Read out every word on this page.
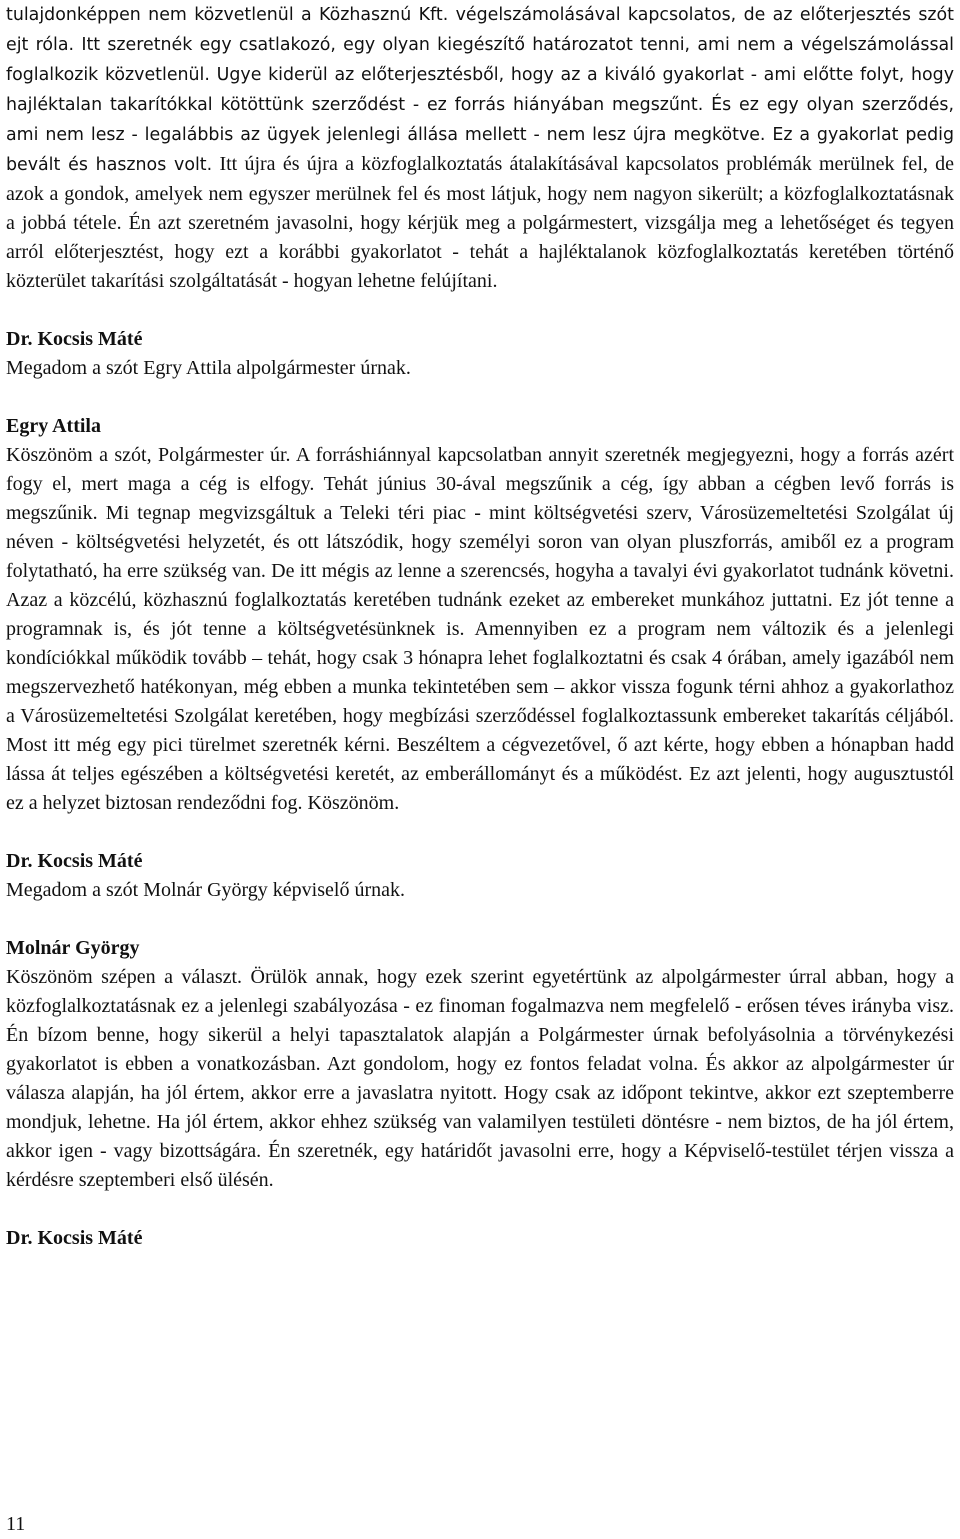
tulajdonképpen nem közvetlenül a Közhasznú Kft. végelszámolásával kapcsolatos, de az előterjesztés szót ejt róla. Itt szeretnék egy csatlakozó, egy olyan kiegészítő határozatot tenni, ami nem a végelszámolással foglalkozik közvetlenül. Ugye kiderül az előterjesztésből, hogy az a kiváló gyakorlat - ami előtte folyt, hogy hajléktalan takarítókkal kötöttünk szerződést - ez forrás hiányában megszűnt. És ez egy olyan szerződés, ami nem lesz - legalábbis az ügyek jelenlegi állása mellett - nem lesz újra megkötve. Ez a gyakorlat pedig bevált és hasznos volt. Itt újra és újra a közfoglalkoztatás átalakításával kapcsolatos problémák merülnek fel, de azok a gondok, amelyek nem egyszer merülnek fel és most látjuk, hogy nem nagyon sikerült; a közfoglalkoztatásnak a jobbá tétele. Én azt szeretném javasolni, hogy kérjük meg a polgármestert, vizsgálja meg a lehetőséget és tegyen arról előterjesztést, hogy ezt a korábbi gyakorlatot - tehát a hajléktalanok közfoglalkoztatás keretében történő közterület takarítási szolgáltatását - hogyan lehetne felújítani.

Dr. Kocsis Máté

Megadom a szót Egry Attila alpolgármester úrnak.

Egry Attila

Köszönöm a szót, Polgármester úr. A forráshiánnyal kapcsolatban annyit szeretnék megjegyezni, hogy a forrás azért fogy el, mert maga a cég is elfogy. Tehát június 30-ával megszűnik a cég, így abban a cégben levő forrás is megszűnik. Mi tegnap megvizsgáltuk a Teleki téri piac - mint költségvetési szerv, Városüzemeltetési Szolgálat új néven - költségvetési helyzetét, és ott látszódik, hogy személyi soron van olyan pluszforrás, amiből ez a program folytatható, ha erre szükség van. De itt mégis az lenne a szerencsés, hogyha a tavalyi évi gyakorlatot tudnánk követni. Azaz a közcélú, közhasznú foglalkoztatás keretében tudnánk ezeket az embereket munkához juttatni. Ez jót tenne a programnak is, és jót tenne a költségvetésünknek is. Amennyiben ez a program nem változik és a jelenlegi kondíciókkal működik tovább – tehát, hogy csak 3 hónapra lehet foglalkoztatni és csak 4 órában, amely igazából nem megszervezhető hatékonyan, még ebben a munka tekintetében sem – akkor vissza fogunk térni ahhoz a gyakorlathoz a Városüzemeltetési Szolgálat keretében, hogy megbízási szerződéssel foglalkoztassunk embereket takarítás céljából. Most itt még egy pici türelmet szeretnék kérni. Beszéltem a cégvezetővel, ő azt kérte, hogy ebben a hónapban hadd lássa át teljes egészében a költségvetési keretét, az emberállományt és a működést. Ez azt jelenti, hogy augusztustól ez a helyzet biztosan rendeződni fog. Köszönöm.

Dr. Kocsis Máté

Megadom a szót Molnár György képviselő úrnak.

Molnár György

Köszönöm szépen a választ. Örülök annak, hogy ezek szerint egyetértünk az alpolgármester úrral abban, hogy a közfoglalkoztatásnak ez a jelenlegi szabályozása - ez finoman fogalmazva nem megfelelő - erősen téves irányba visz. Én bízom benne, hogy sikerül a helyi tapasztalatok alapján a Polgármester úrnak befolyásolnia a törvénykezési gyakorlatot is ebben a vonatkozásban. Azt gondolom, hogy ez fontos feladat volna. És akkor az alpolgármester úr válasza alapján, ha jól értem, akkor erre a javaslatra nyitott. Hogy csak az időpont tekintve, akkor ezt szeptemberre mondjuk, lehetne. Ha jól értem, akkor ehhez szükség van valamilyen testületi döntésre - nem biztos, de ha jól értem, akkor igen - vagy bizottságára. Én szeretnék, egy határidőt javasolni erre, hogy a Képviselő-testület térjen vissza a kérdésre szeptemberi első ülésén.

Dr. Kocsis Máté

11
